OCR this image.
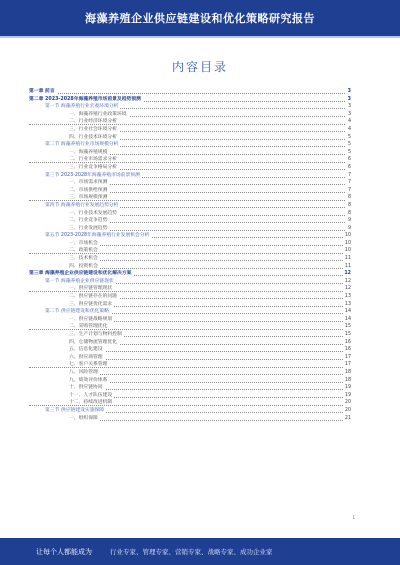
海藻养殖企业供应链建设和优化策略研究报告
内容目录
第一章 前言	3
第二章 2023-2028年海藻养殖市场前景及趋势预测	3
第一节 海藻养殖行业宏观环境分析	3
一、海藻养殖行业政策环境	3
二、行业经济环境分析	4
三、行业社会环境分析	4
四、行业技术环境分析	5
第二节 海藻养殖行业市场规模分析	5
一、海藻养殖规模	5
二、行业市场需求分析	6
三、行业竞争格局分析	6
第三节 2023-2028年海藻养殖市场前景预测	7
一、市场需求预测	7
二、市场供给预测	7
三、市场规模预测	8
第四节 海藻养殖行业发展趋势分析	8
一、行业技术发展趋势	8
二、行业竞争趋势	9
三、行业发展趋势	9
第五节 2023-2028年海藻养殖行业发展机会分析	10
一、市场机会	10
二、政策机会	10
三、技术机会	11
四、投资机会	11
第三章 海藻养殖企业供应链建设和优化解决方案	12
第一节 海藻养殖企业供应链现状	12
一、供应链管理现状	12
二、供应链存在的问题	13
三、供应链优化需求	13
第二节 供应链建设和优化策略	14
一、供应链战略规划	14
二、采购管理优化	15
三、生产计划与物料控制	15
四、仓储物流管理优化	16
五、信息化建设	16
六、供应商管理	17
七、客户关系管理	17
八、风险管理	18
九、绩效评价体系	18
十、供应链协同	19
十一、人才队伍建设	19
十二、持续改进机制	20
第三节 供应链建设实施保障	20
一、组织保障	21
1
让每个人都能成为	行业专家、管理专家、营销专家、战略专家、成功企业家
